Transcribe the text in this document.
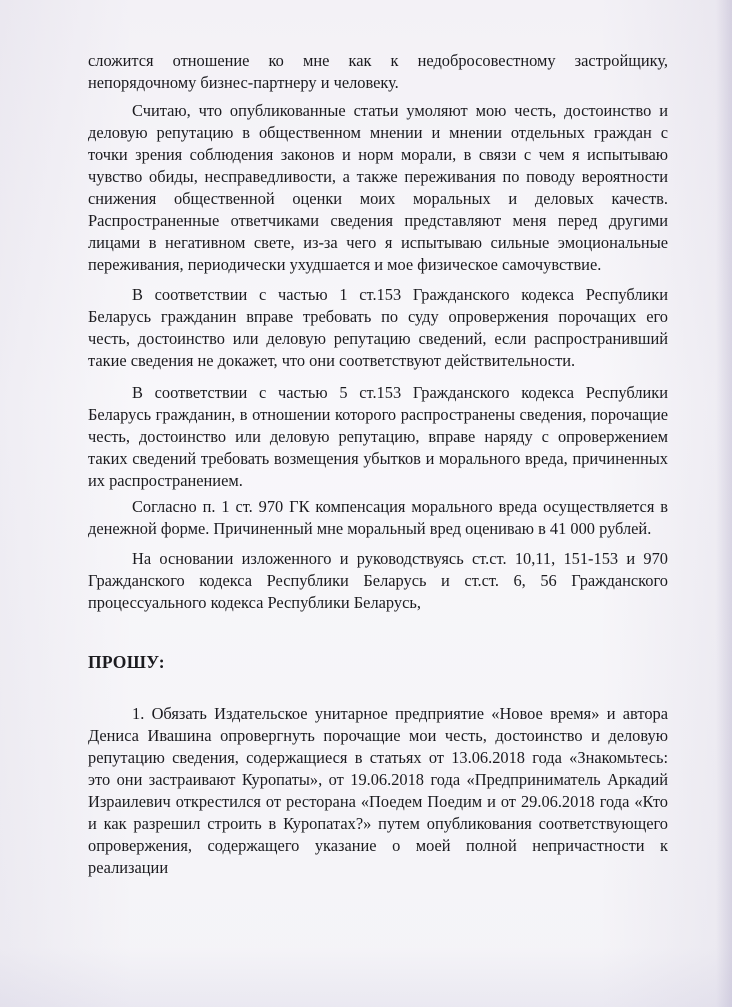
сложится отношение ко мне как к недобросовестному застройщику, непорядочному бизнес-партнеру и человеку.

Считаю, что опубликованные статьи умоляют мою честь, достоинство и деловую репутацию в общественном мнении и мнении отдельных граждан с точки зрения соблюдения законов и норм морали, в связи с чем я испытываю чувство обиды, несправедливости, а также переживания по поводу вероятности снижения общественной оценки моих моральных и деловых качеств. Распространенные ответчиками сведения представляют меня перед другими лицами в негативном свете, из-за чего я испытываю сильные эмоциональные переживания, периодически ухудшается и мое физическое самочувствие.

В соответствии с частью 1 ст.153 Гражданского кодекса Республики Беларусь гражданин вправе требовать по суду опровержения порочащих его честь, достоинство или деловую репутацию сведений, если распространивший такие сведения не докажет, что они соответствуют действительности.

В соответствии с частью 5 ст.153 Гражданского кодекса Республики Беларусь гражданин, в отношении которого распространены сведения, порочащие честь, достоинство или деловую репутацию, вправе наряду с опровержением таких сведений требовать возмещения убытков и морального вреда, причиненных их распространением.

Согласно п. 1 ст. 970 ГК компенсация морального вреда осуществляется в денежной форме. Причиненный мне моральный вред оцениваю в 41 000 рублей.

На основании изложенного и руководствуясь ст.ст. 10,11, 151-153 и 970 Гражданского кодекса Республики Беларусь и ст.ст. 6, 56 Гражданского процессуального кодекса Республики Беларусь,

ПРОШУ:

1. Обязать Издательское унитарное предприятие «Новое время» и автора Дениса Ивашина опровергнуть порочащие мои честь, достоинство и деловую репутацию сведения, содержащиеся в статьях от 13.06.2018 года «Знакомьтесь: это они застраивают Куропаты», от 19.06.2018 года «Предприниматель Аркадий Израилевич открестился от ресторана «Поедем Поедим и от 29.06.2018 года «Кто и как разрешил строить в Куропатах?» путем опубликования соответствующего опровержения, содержащего указание о моей полной непричастности к реализации
